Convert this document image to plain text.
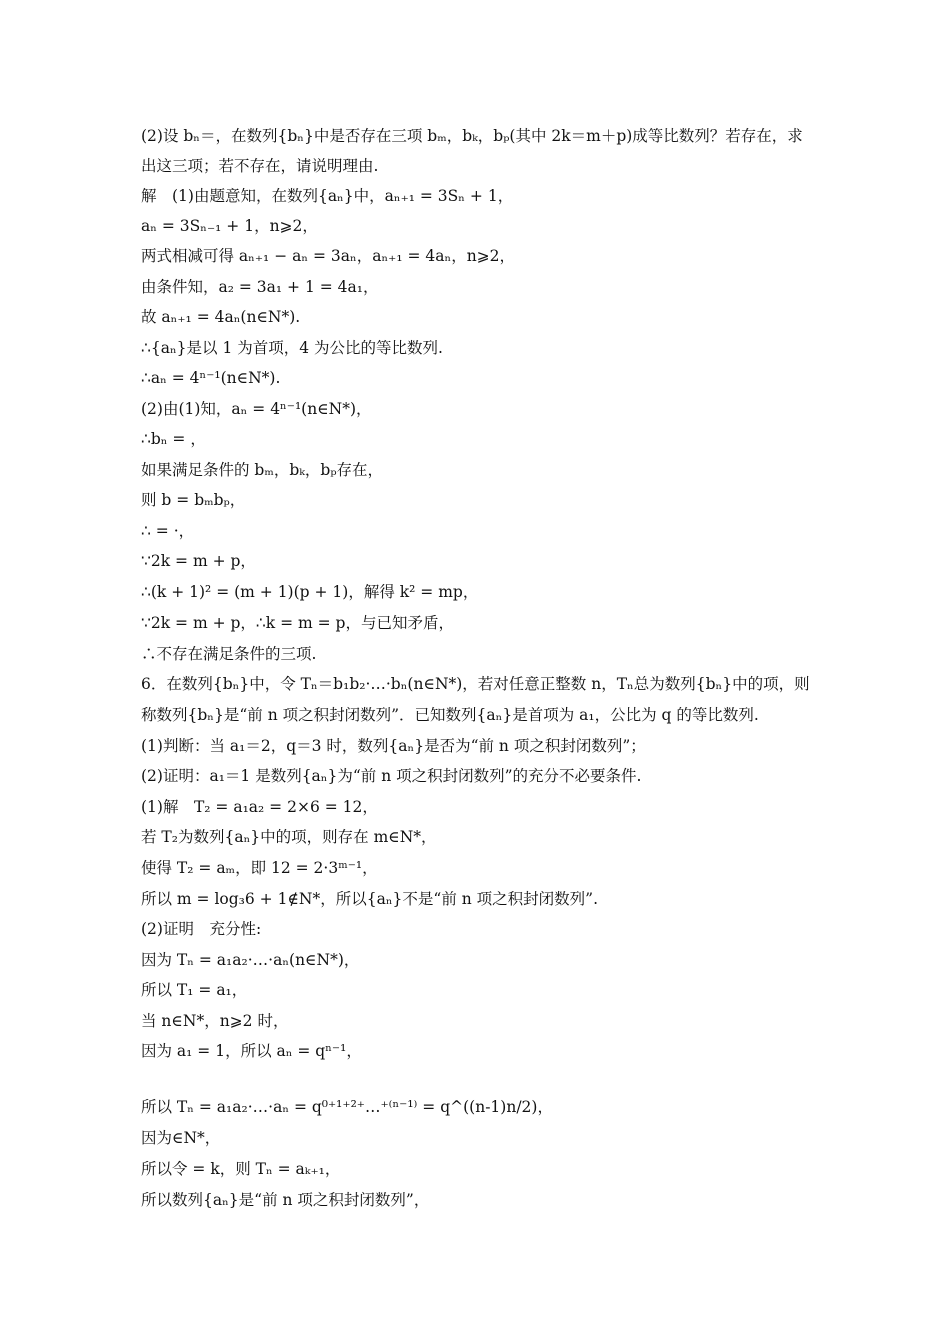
(2)设 bₙ＝，在数列{bₙ}中是否存在三项 bₘ，bₖ，bₚ(其中 2k＝m＋p)成等比数列？若存在，求
出这三项；若不存在，请说明理由.
解　(1)由题意知，在数列{aₙ}中，aₙ₊₁ = 3Sₙ + 1，
aₙ = 3Sₙ₋₁ + 1，n⩾2，
两式相减可得 aₙ₊₁ − aₙ = 3aₙ，aₙ₊₁ = 4aₙ，n⩾2，
由条件知，a₂ = 3a₁ + 1 = 4a₁，
故 aₙ₊₁ = 4aₙ(n∈N*).
∴{aₙ}是以 1 为首项，4 为公比的等比数列.
∴aₙ = 4ⁿ⁻¹(n∈N*).
(2)由(1)知，aₙ = 4ⁿ⁻¹(n∈N*)，
∴bₙ = ，
如果满足条件的 bₘ，bₖ，bₚ存在，
则 b = bₘbₚ，
∴ = ·，
∵2k = m + p，
∴(k + 1)² = (m + 1)(p + 1)，解得 k² = mp，
∵2k = m + p，∴k = m = p，与已知矛盾，
∴不存在满足条件的三项.
6．在数列{bₙ}中，令 Tₙ＝b₁b₂·…·bₙ(n∈N*)，若对任意正整数 n，Tₙ总为数列{bₙ}中的项，则
称数列{bₙ}是“前 n 项之积封闭数列”．已知数列{aₙ}是首项为 a₁，公比为 q 的等比数列.
(1)判断：当 a₁＝2，q＝3 时，数列{aₙ}是否为“前 n 项之积封闭数列”；
(2)证明：a₁＝1 是数列{aₙ}为“前 n 项之积封闭数列”的充分不必要条件.
(1)解　T₂ = a₁a₂ = 2×6 = 12，
若 T₂为数列{aₙ}中的项，则存在 m∈N*，
使得 T₂ = aₘ，即 12 = 2·3ᵐ⁻¹，
所以 m = log₃6 + 1∉N*，所以{aₙ}不是“前 n 项之积封闭数列”.
(2)证明　充分性:
因为 Tₙ = a₁a₂·…·aₙ(n∈N*)，
所以 T₁ = a₁，
当 n∈N*，n⩾2 时，
因为 a₁ = 1，所以 aₙ = qⁿ⁻¹，
所以 Tₙ = a₁a₂·…·aₙ = q⁰⁺¹⁺²⁺…⁺⁽ⁿ⁻¹⁾ = q^((n-1)n/2)，
因为∈N*，
所以令 = k，则 Tₙ = aₖ₊₁，
所以数列{aₙ}是“前 n 项之积封闭数列”，
